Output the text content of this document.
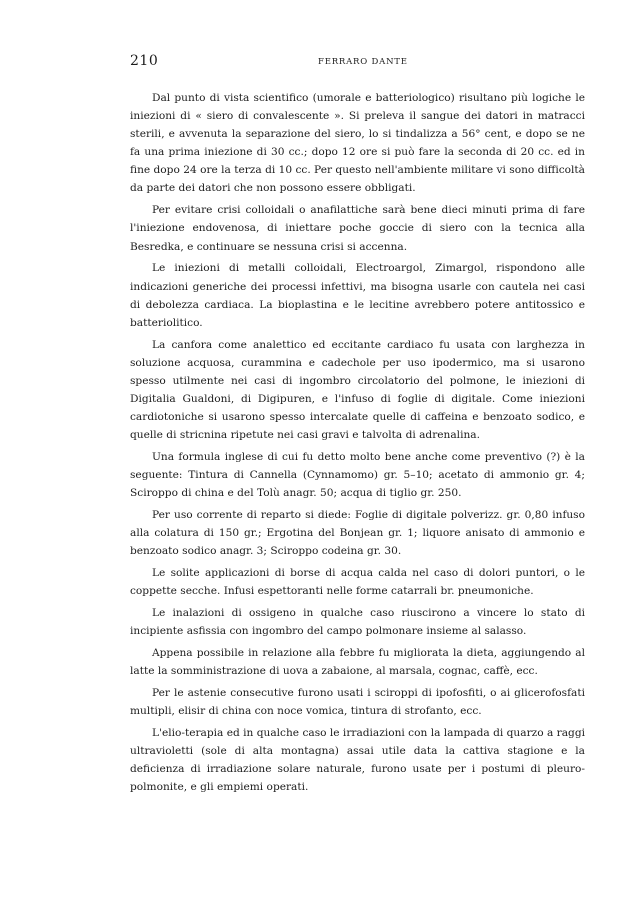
210	FERRARO DANTE

Dal punto di vista scientifico (umorale e batteriologico) risultano più logiche le iniezioni di « siero di convalescente ». Si preleva il sangue dei datori in matracci sterili, e avvenuta la separazione del siero, lo si tindalizza a 56° cent, e dopo se ne fa una prima iniezione di 30 cc.; dopo 12 ore si può fare la seconda di 20 cc. ed in fine dopo 24 ore la terza di 10 cc. Per questo nell'ambiente militare vi sono difficoltà da parte dei datori che non possono essere obbligati.

Per evitare crisi colloidali o anafilattiche sarà bene dieci minuti prima di fare l'iniezione endovenosa, di iniettare poche goccie di siero con la tecnica alla Besredka, e continuare se nessuna crisi si accenna.

Le iniezioni di metalli colloidali, Electroargol, Zimargol, rispondono alle indicazioni generiche dei processi infettivi, ma bisogna usarle con cautela nei casi di debolezza cardiaca. La bioplastina e le lecitine avrebbero potere antitossico e batteriolitico.

La canfora come analettico ed eccitante cardiaco fu usata con larghezza in soluzione acquosa, curammina e cadechole per uso ipodermico, ma si usarono spesso utilmente nei casi di ingombro circolatorio del polmone, le iniezioni di Digitalia Gualdoni, di Digipuren, e l'infuso di foglie di digitale. Come iniezioni cardiotoniche si usarono spesso intercalate quelle di caffeina e benzoato sodico, e quelle di stricnina ripetute nei casi gravi e talvolta di adrenalina.

Una formula inglese di cui fu detto molto bene anche come preventivo (?) è la seguente: Tintura di Cannella (Cynnamomo) gr. 5–10; acetato di ammonio gr. 4; Sciroppo di china e del Tolù anagr. 50; acqua di tiglio gr. 250.

Per uso corrente di reparto si diede: Foglie di digitale polverizz. gr. 0,80 infuso alla colatura di 150 gr.; Ergotina del Bonjean gr. 1; liquore anisato di ammonio e benzoato sodico anagr. 3; Sciroppo codeina gr. 30.

Le solite applicazioni di borse di acqua calda nel caso di dolori puntori, o le coppette secche. Infusi espettoranti nelle forme catarrali br. pneumoniche.

Le inalazioni di ossigeno in qualche caso riuscirono a vincere lo stato di incipiente asfissia con ingombro del campo polmonare insieme al salasso.

Appena possibile in relazione alla febbre fu migliorata la dieta, aggiungendo al latte la somministrazione di uova a zabaione, al marsala, cognac, caffè, ecc.

Per le astenie consecutive furono usati i sciroppi di ipofosfiti, o ai glicerofosfati multipli, elisir di china con noce vomica, tintura di strofanto, ecc.

L'elio-terapia ed in qualche caso le irradiazioni con la lampada di quarzo a raggi ultravioletti (sole di alta montagna) assai utile data la cattiva stagione e la deficienza di irradiazione solare naturale, furono usate per i postumi di pleuro-polmonite, e gli empiemi operati.
